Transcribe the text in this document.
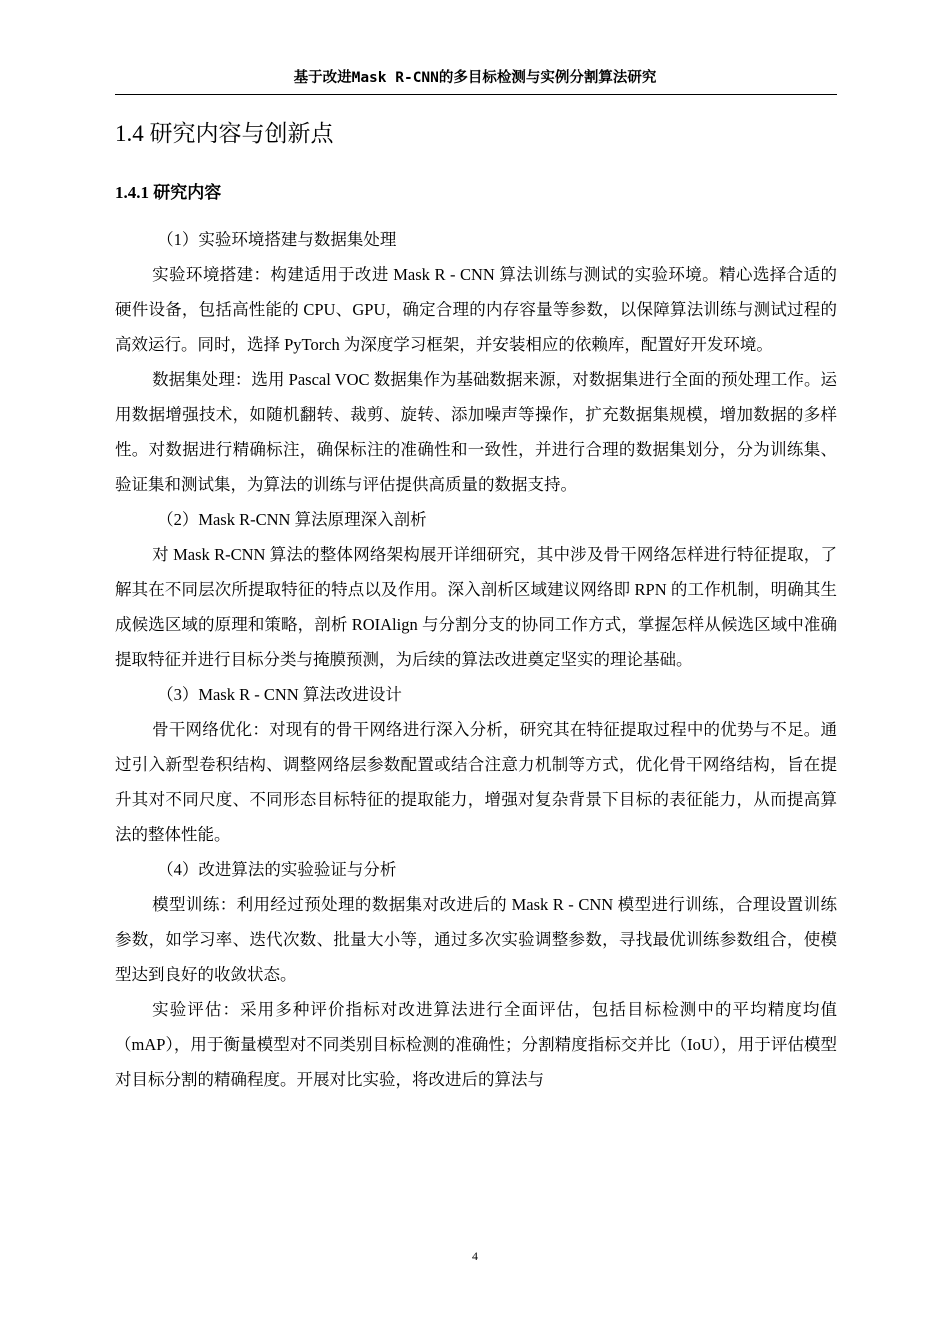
基于改进Mask R-CNN的多目标检测与实例分割算法研究
1.4 研究内容与创新点
1.4.1 研究内容

（1）实验环境搭建与数据集处理

实验环境搭建：构建适用于改进 Mask R - CNN 算法训练与测试的实验环境。精心选择合适的硬件设备，包括高性能的 CPU、GPU，确定合理的内存容量等参数，以保障算法训练与测试过程的高效运行。同时，选择 PyTorch 为深度学习框架，并安装相应的依赖库，配置好开发环境。

数据集处理：选用 Pascal VOC 数据集作为基础数据来源，对数据集进行全面的预处理工作。运用数据增强技术，如随机翻转、裁剪、旋转、添加噪声等操作，扩充数据集规模，增加数据的多样性。对数据进行精确标注，确保标注的准确性和一致性，并进行合理的数据集划分，分为训练集、验证集和测试集，为算法的训练与评估提供高质量的数据支持。

（2）Mask R-CNN 算法原理深入剖析

对 Mask R-CNN 算法的整体网络架构展开详细研究，其中涉及骨干网络怎样进行特征提取，了解其在不同层次所提取特征的特点以及作用。深入剖析区域建议网络即 RPN 的工作机制，明确其生成候选区域的原理和策略，剖析 ROIAlign 与分割分支的协同工作方式，掌握怎样从候选区域中准确提取特征并进行目标分类与掩膜预测，为后续的算法改进奠定坚实的理论基础。

（3）Mask R - CNN 算法改进设计

骨干网络优化：对现有的骨干网络进行深入分析，研究其在特征提取过程中的优势与不足。通过引入新型卷积结构、调整网络层参数配置或结合注意力机制等方式，优化骨干网络结构，旨在提升其对不同尺度、不同形态目标特征的提取能力，增强对复杂背景下目标的表征能力，从而提高算法的整体性能。

（4）改进算法的实验验证与分析

模型训练：利用经过预处理的数据集对改进后的 Mask R - CNN 模型进行训练，合理设置训练参数，如学习率、迭代次数、批量大小等，通过多次实验调整参数，寻找最优训练参数组合，使模型达到良好的收敛状态。

实验评估：采用多种评价指标对改进算法进行全面评估，包括目标检测中的平均精度均值（mAP），用于衡量模型对不同类别目标检测的准确性；分割精度指标交并比（IoU），用于评估模型对目标分割的精确程度。开展对比实验，将改进后的算法与

4
